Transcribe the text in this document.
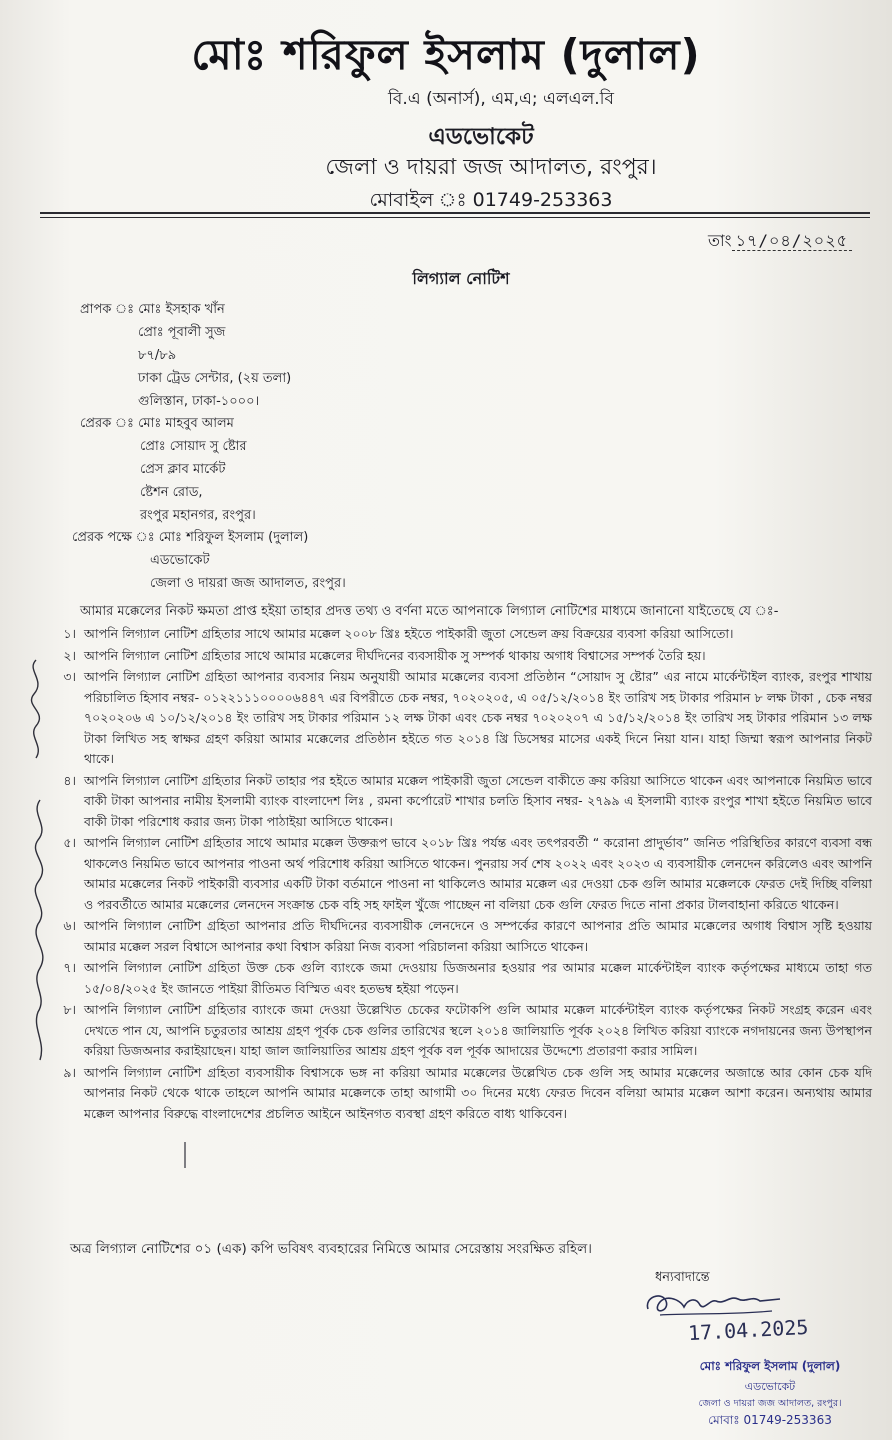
মোঃ শরিফুল ইসলাম (দুলাল)
বি.এ (অনার্স), এম,এ; এলএল.বি
এডভোকেট
জেলা ও দায়রা জজ আদালত, রংপুর।
মোবাইল ঃ 01749-253363
তাং ১৭/০৪/২০২৫
লিগ্যাল নোটিশ
প্রাপক ঃ মোঃ ইসহাক খাঁন
প্রোঃ পূবালী সুজ
৮৭/৮৯
ঢাকা ট্রেড সেন্টার, (২য় তলা)
গুলিস্তান, ঢাকা-১০০০।
প্রেরক ঃ মোঃ মাহবুব আলম
প্রোঃ সোয়াদ সু ষ্টোর
প্রেস ক্লাব মার্কেট
ষ্টেশন রোড,
রংপুর মহানগর, রংপুর।
প্রেরক পক্ষে ঃ মোঃ শরিফুল ইসলাম (দুলাল)
এডভোকেট
জেলা ও দায়রা জজ আদালত, রংপুর।
আমার মক্কেলের নিকট ক্ষমতা প্রাপ্ত হইয়া তাহার প্রদত্ত তথ্য ও বর্ণনা মতে আপনাকে লিগ্যাল নোটিশের মাধ্যমে জানানো যাইতেছে যে ঃ-
১। আপনি লিগ্যাল নোটিশ গ্রহিতার সাথে আমার মক্কেল ২০০৮ খ্রিঃ হইতে পাইকারী জুতা সেন্ডেল ক্রয় বিক্রয়ের ব্যবসা করিয়া আসিতো।
২। আপনি লিগ্যাল নোটিশ গ্রহিতার সাথে আমার মক্কেলের দীর্ঘদিনের ব্যবসায়ীক সু সম্পর্ক থাকায় অগাধ বিশ্বাসের সম্পর্ক তৈরি হয়।
৩। আপনি লিগ্যাল নোটিশ গ্রহিতা আপনার ব্যবসার নিয়ম অনুযায়ী আমার মক্কেলের ব্যবসা প্রতিষ্ঠান “সোয়াদ সু ষ্টোর” এর নামে মার্কেন্টাইল ব্যাংক, রংপুর শাখায় পরিচালিত হিসাব নম্বর- ০১২২১১১০০০০৬৪৪৭ এর বিপরীতে চেক নম্বর, ৭০২০২০৫, এ ০৫/১২/২০১৪ ইং তারিখ সহ টাকার পরিমান ৮ লক্ষ টাকা , চেক নম্বর ৭০২০২০৬ এ ১০/১২/২০১৪ ইং তারিখ সহ টাকার পরিমান ১২ লক্ষ টাকা এবং চেক নম্বর ৭০২০২০৭ এ ১৫/১২/২০১৪ ইং তারিখ সহ টাকার পরিমান ১৩ লক্ষ টাকা লিখিত সহ স্বাক্ষর গ্রহণ করিয়া আমার মক্কেলের প্রতিষ্ঠান হইতে গত ২০১৪ খ্রি ডিসেম্বর মাসের একই দিনে নিয়া যান। যাহা জিম্মা স্বরূপ আপনার নিকট থাকে।
৪। আপনি লিগ্যাল নোটিশ গ্রহিতার নিকট তাহার পর হইতে আমার মক্কেল পাইকারী জুতা সেন্ডেল বাকীতে ক্রয় করিয়া আসিতে থাকেন এবং আপনাকে নিয়মিত ভাবে বাকী টাকা আপনার নামীয় ইসলামী ব্যাংক বাংলাদেশ লিঃ , রমনা কর্পোরেট শাখার চলতি হিসাব নম্বর- ২৭৯৯ এ ইসলামী ব্যাংক রংপুর শাখা হইতে নিয়মিত ভাবে বাকী টাকা পরিশোধ করার জন্য টাকা পাঠাইয়া আসিতে থাকেন।
৫। আপনি লিগ্যাল নোটিশ গ্রহিতার সাথে আমার মক্কেল উক্তরূপ ভাবে ২০১৮ খ্রিঃ পর্যন্ত এবং তৎপরবর্তী “ করোনা প্রাদুর্ভাব” জনিত পরিস্থিতির কারণে ব্যবসা বন্ধ থাকলেও নিয়মিত ভাবে আপনার পাওনা অর্থ পরিশোধ করিয়া আসিতে থাকেন। পুনরায় সর্ব শেষ ২০২২ এবং ২০২৩ এ ব্যবসায়ীক লেনদেন করিলেও এবং আপনি আমার মক্কেলের নিকট পাইকারী ব্যবসার একটি টাকা বর্তমানে পাওনা না থাকিলেও আমার মক্কেল এর দেওয়া চেক গুলি আমার মক্কেলকে ফেরত দেই দিচ্ছি বলিয়া ও পরবর্তীতে আমার মক্কেলের লেনদেন সংক্রান্ত চেক বহি সহ ফাইল খুঁজে পাচ্ছেন না বলিয়া চেক গুলি ফেরত দিতে নানা প্রকার টালবাহানা করিতে থাকেন।
৬। আপনি লিগ্যাল নোটিশ গ্রহিতা আপনার প্রতি দীর্ঘদিনের ব্যবসায়ীক লেনদেনে ও সম্পর্কের কারণে আপনার প্রতি আমার মক্কেলের অগাধ বিশ্বাস সৃষ্টি হওয়ায় আমার মক্কেল সরল বিশ্বাসে আপনার কথা বিশ্বাস করিয়া নিজ ব্যবসা পরিচালনা করিয়া আসিতে থাকেন।
৭। আপনি লিগ্যাল নোটিশ গ্রহিতা উক্ত চেক গুলি ব্যাংকে জমা দেওয়ায় ডিজঅনার হওয়ার পর আমার মক্কেল মার্কেন্টাইল ব্যাংক কর্তৃপক্ষের মাধ্যমে তাহা গত ১৫/০৪/২০২৫ ইং জানতে পাইয়া রীতিমত বিস্মিত এবং হতভম্ব হইয়া পড়েন।
৮। আপনি লিগ্যাল নোটিশ গ্রহিতার ব্যাংকে জমা দেওয়া উল্লেখিত চেকের ফটোকপি গুলি আমার মক্কেল মার্কেন্টাইল ব্যাংক কর্তৃপক্ষের নিকট সংগ্রহ করেন এবং দেখতে পান যে, আপনি চতুরতার আশ্রয় গ্রহণ পূর্বক চেক গুলির তারিখের স্থলে ২০১৪ জালিয়াতি পূর্বক ২০২৪ লিখিত করিয়া ব্যাংকে নগদায়নের জন্য উপস্থাপন করিয়া ডিজঅনার করাইয়াছেন। যাহা জাল জালিয়াতির আশ্রয় গ্রহণ পূর্বক বল পূর্বক আদায়ের উদ্দেশ্যে প্রতারণা করার সামিল।
৯। আপনি লিগ্যাল নোটিশ গ্রহিতা ব্যবসায়ীক বিশ্বাসকে ভঙ্গ না করিয়া আমার মক্কেলের উল্লেখিত চেক গুলি সহ আমার মক্কেলের অজান্তে আর কোন চেক যদি আপনার নিকট থেকে থাকে তাহলে আপনি আমার মক্কেলকে তাহা আগামী ৩০ দিনের মধ্যে ফেরত দিবেন বলিয়া আমার মক্কেল আশা করেন। অন্যথায় আমার মক্কেল আপনার বিরুদ্ধে বাংলাদেশের প্রচলিত আইনে আইনগত ব্যবস্থা গ্রহণ করিতে বাধ্য থাকিবেন।
অত্র লিগ্যাল নোটিশের ০১ (এক) কপি ভবিষৎ ব্যবহারের নিমিত্তে আমার সেরেস্তায় সংরক্ষিত রহিল।
ধন্যবাদান্তে
17.04.2025
মোঃ শরিফুল ইসলাম (দুলাল)
এডভোকেট
জেলা ও দায়রা জজ আদালত, রংপুর।
মোবাঃ 01749-253363
